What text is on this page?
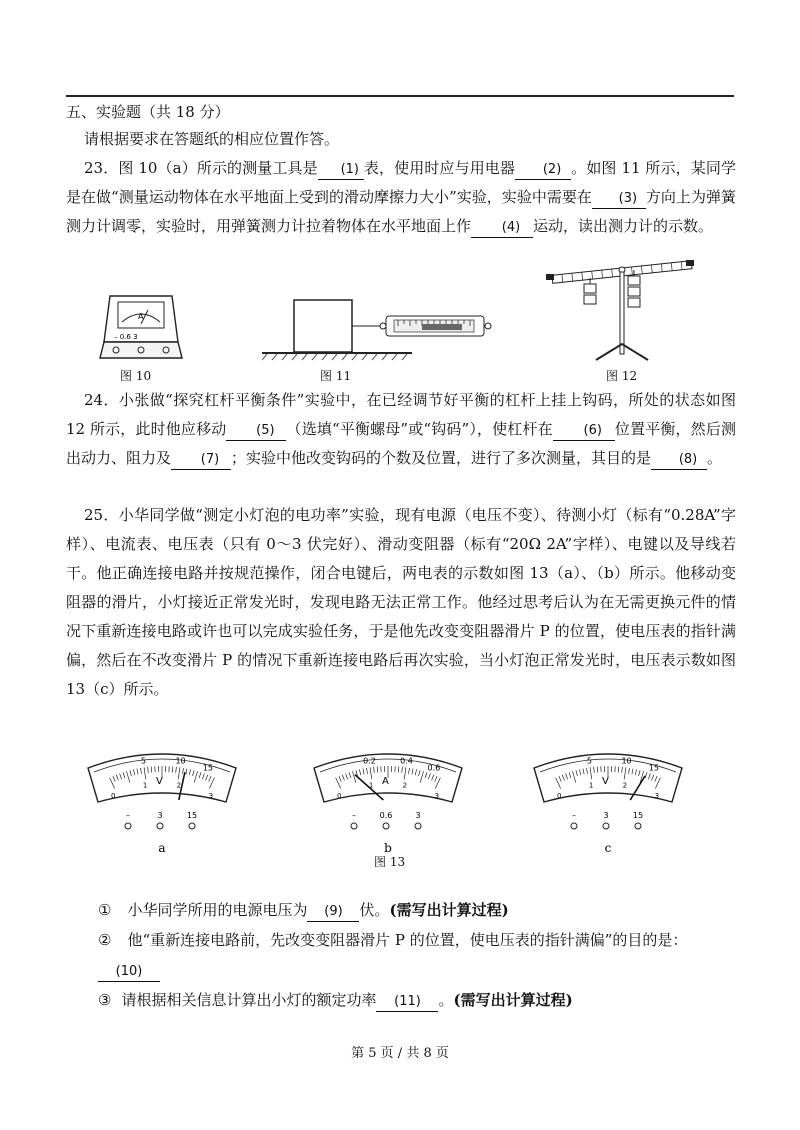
五、实验题（共 18 分）
请根据要求在答题纸的相应位置作答。
23．图 10（a）所示的测量工具是 (1) 表，使用时应与用电器 (2) 。如图 11 所示，某同学是在做“测量运动物体在水平地面上受到的滑动摩擦力大小”实验，实验中需要在 (3) 方向上为弹簧测力计调零，实验时，用弹簧测力计拉着物体在水平地面上作 (4) 运动，读出测力计的示数。
A
– 0.6 3
图 10	图 11	图 12
24．小张做“探究杠杆平衡条件”实验中，在已经调节好平衡的杠杆上挂上钩码，所处的状态如图 12 所示，此时他应移动 (5) （选填“平衡螺母”或“钩码”），使杠杆在 (6) 位置平衡，然后测出动力、阻力及 (7) ；实验中他改变钩码的个数及位置，进行了多次测量，其目的是 (8) 。
25．小华同学做“测定小灯泡的电功率”实验，现有电源（电压不变）、待测小灯（标有“0.28A”字样）、电流表、电压表（只有 0～3 伏完好）、滑动变阻器（标有“20Ω 2A”字样）、电键以及导线若干。他正确连接电路并按规范操作，闭合电键后，两电表的示数如图 13（a）、（b）所示。他移动变阻器的滑片，小灯接近正常发光时，发现电路无法正常工作。他经过思考后认为在无需更换元件的情况下重新连接电路或许也可以完成实验任务，于是他先改变变阻器滑片 P 的位置，使电压表的指针满偏，然后在不改变滑片 P 的情况下重新连接电路后再次实验，当小灯泡正常发光时，电压表示数如图 13（c）所示。
5	10
15
0
1	2
3
V
–	3	15
a
0.2	0.4
0.6
0
1	2
3
A
–	0.6	3
b
5	10
15
0
1	2
3
V
–	3	15
c
图 13
① 小华同学所用的电源电压为 (9) 伏。(需写出计算过程)
② 他“重新连接电路前，先改变变阻器滑片 P 的位置，使电压表的指针满偏”的目的是：
(10)
③ 请根据相关信息计算出小灯的额定功率 (11) 。(需写出计算过程)
第 5 页 / 共 8 页
